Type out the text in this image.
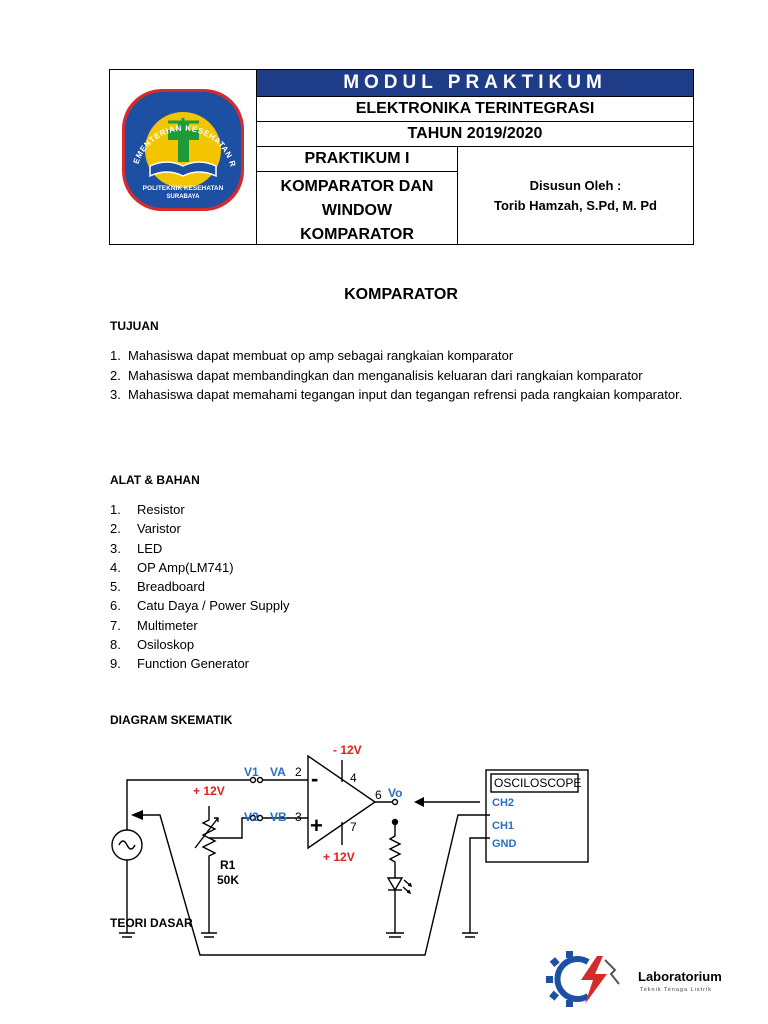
EMENTERIAN KESEHATAN R
POLITEKNIK KESEHATAN
SURABAYA
MODUL PRAKTIKUM
ELEKTRONIKA TERINTEGRASI
TAHUN 2019/2020
PRAKTIKUM I
KOMPARATOR DAN
WINDOW
KOMPARATOR
Disusun Oleh :
Torib Hamzah, S.Pd, M. Pd
KOMPARATOR
TUJUAN
1. Mahasiswa dapat membuat op amp sebagai rangkaian komparator
2. Mahasiswa dapat membandingkan dan menganalisis keluaran dari rangkaian komparator
3. Mahasiswa dapat memahami tegangan input dan tegangan refrensi pada rangkaian komparator.
ALAT & BAHAN
1. Resistor
2. Varistor
3. LED
4. OP Amp(LM741)
5. Breadboard
6. Catu Daya / Power Supply
7. Multimeter
8. Osiloskop
9. Function Generator
DIAGRAM SKEMATIK
- 12V
+ 12V
+ 12V
V1 VA
V2 VB
2
3
4
6
7
-
+
Vo
R1
50K
OSCILOSCOPE
CH2
CH1
GND
TEORI DASAR
Laboratorium
Teknik Tenaga Listrik
